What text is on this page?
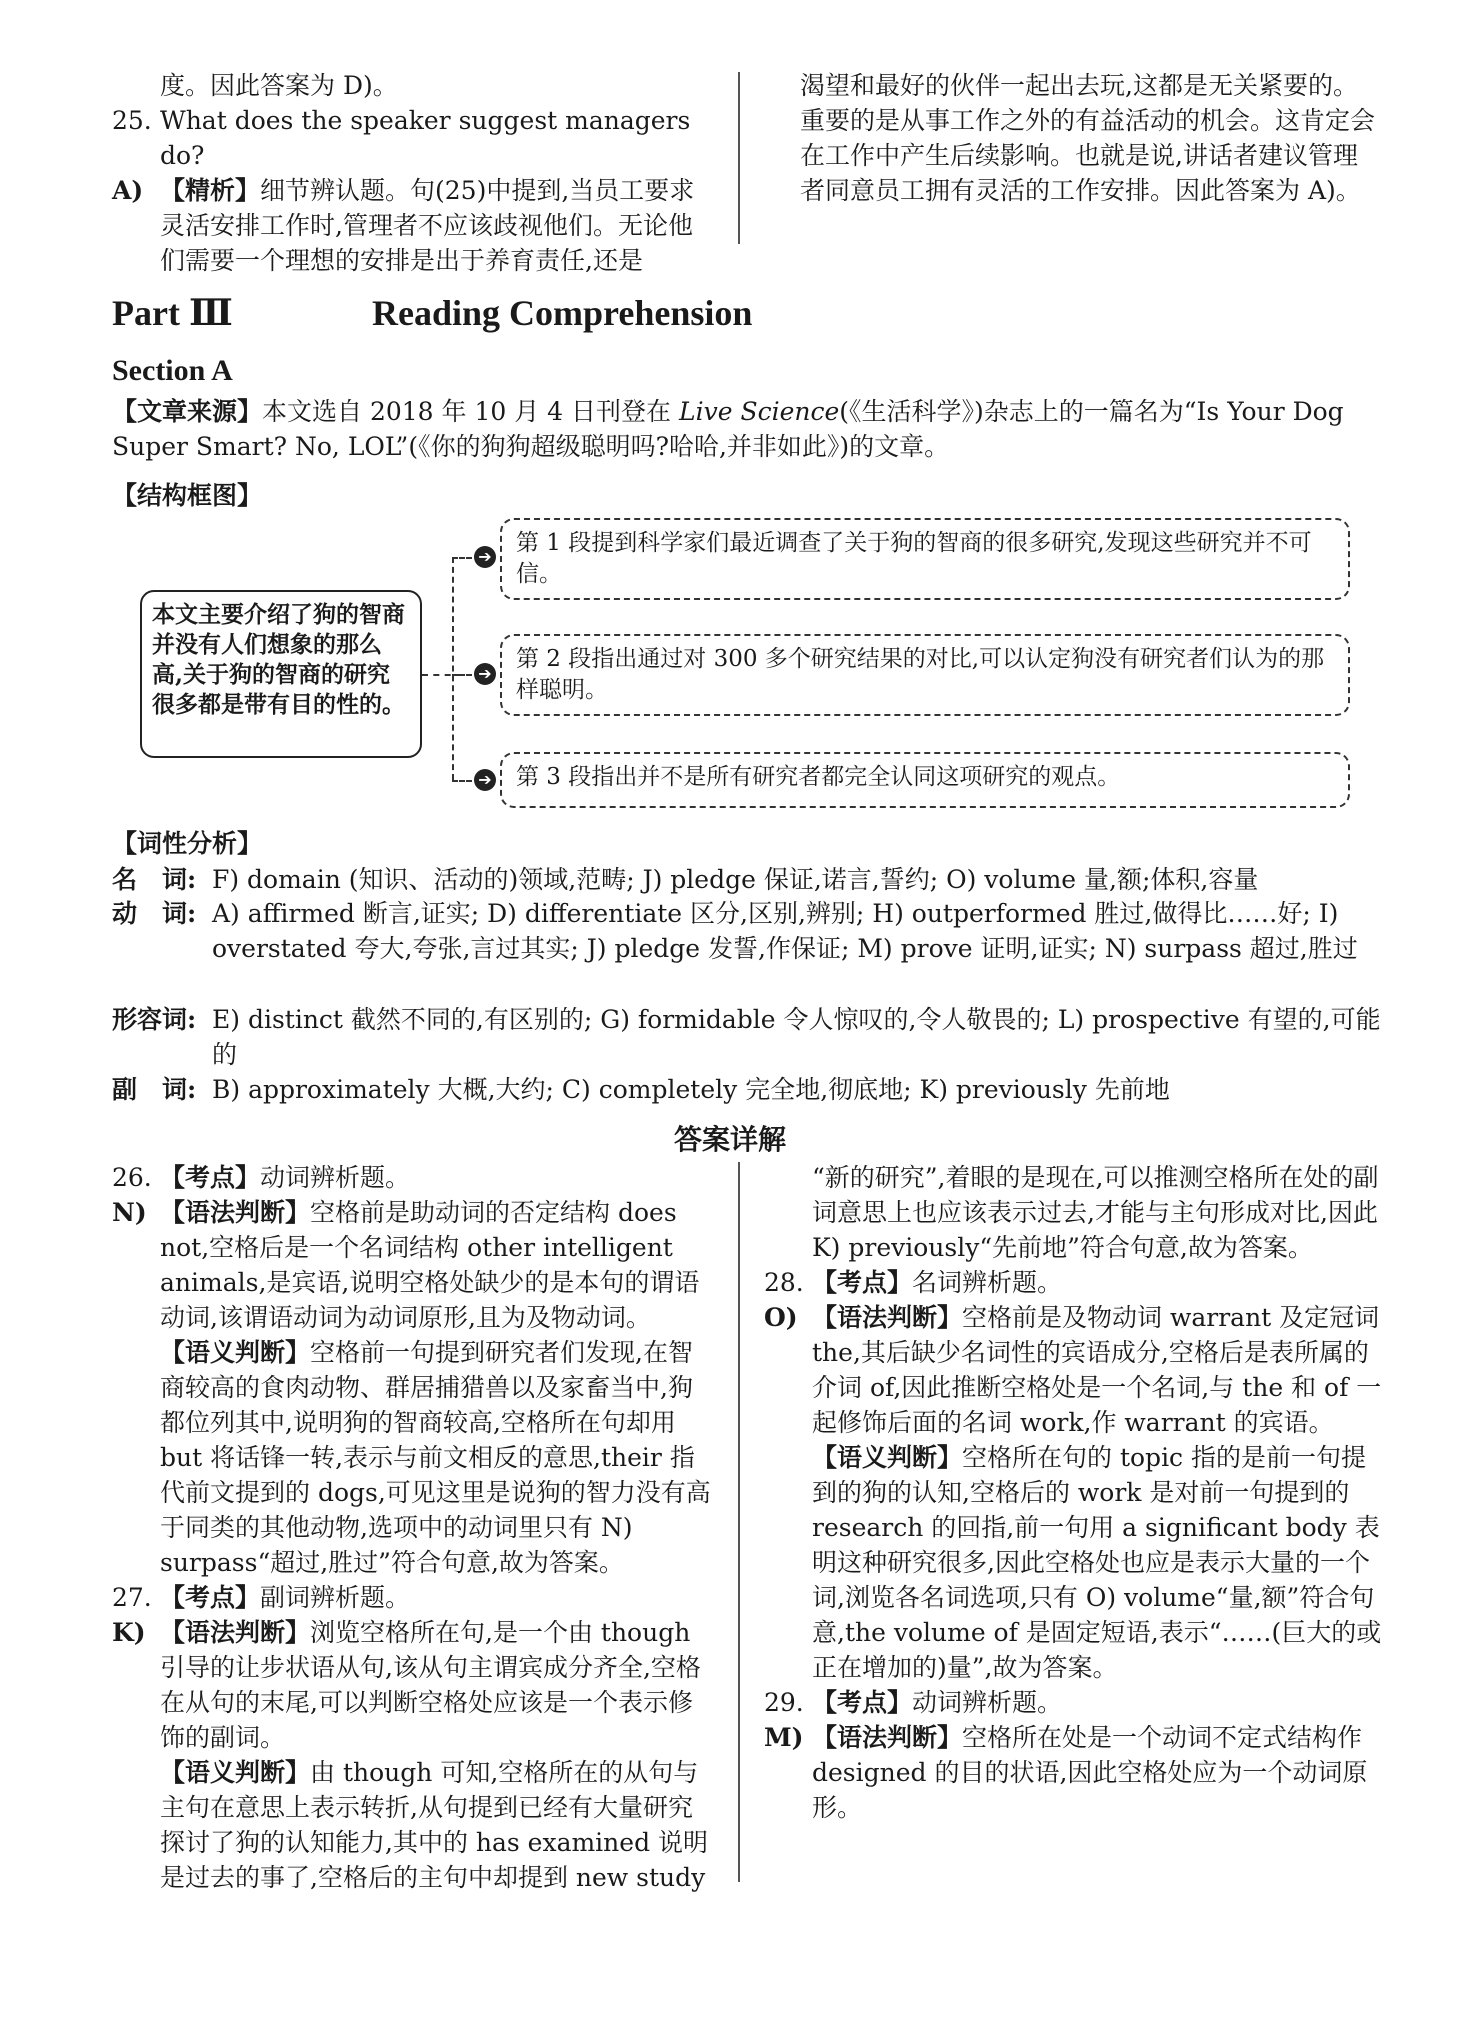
度。因此答案为 D)。

25. What does the speaker suggest managers do?

A) 【精析】细节辨认题。句(25)中提到,当员工要求灵活安排工作时,管理者不应该歧视他们。无论他们需要一个理想的安排是出于养育责任,还是

渴望和最好的伙伴一起出去玩,这都是无关紧要的。重要的是从事工作之外的有益活动的机会。这肯定会在工作中产生后续影响。也就是说,讲话者建议管理者同意员工拥有灵活的工作安排。因此答案为 A)。

Part Ⅲ	Reading Comprehension
Section A
【文章来源】本文选自 2018 年 10 月 4 日刊登在 Live Science(《生活科学》)杂志上的一篇名为“Is Your Dog Super Smart? No, LOL”(《你的狗狗超级聪明吗?哈哈,并非如此》)的文章。
【结构框图】
本文主要介绍了狗的智商并没有人们想象的那么高,关于狗的智商的研究很多都是带有目的性的。
➔
➔
➔
第 1 段提到科学家们最近调查了关于狗的智商的很多研究,发现这些研究并不可信。
第 2 段指出通过对 300 多个研究结果的对比,可以认定狗没有研究者们认为的那样聪明。
第 3 段指出并不是所有研究者都完全认同这项研究的观点。
【词性分析】
名　词: F) domain (知识、活动的)领域,范畴; J) pledge 保证,诺言,誓约; O) volume 量,额;体积,容量
动　词: A) affirmed 断言,证实; D) differentiate 区分,区别,辨别; H) outperformed 胜过,做得比……好; I) overstated 夸大,夸张,言过其实; J) pledge 发誓,作保证; M) prove 证明,证实; N) surpass 超过,胜过
形容词: E) distinct 截然不同的,有区别的; G) formidable 令人惊叹的,令人敬畏的; L) prospective 有望的,可能的
副　词: B) approximately 大概,大约; C) completely 完全地,彻底地; K) previously 先前地
答案详解

26. 【考点】动词辨析题。

N) 【语法判断】空格前是助动词的否定结构 does not,空格后是一个名词结构 other intelligent animals,是宾语,说明空格处缺少的是本句的谓语动词,该谓语动词为动词原形,且为及物动词。

【语义判断】空格前一句提到研究者们发现,在智商较高的食肉动物、群居捕猎兽以及家畜当中,狗都位列其中,说明狗的智商较高,空格所在句却用 but 将话锋一转,表示与前文相反的意思,their 指代前文提到的 dogs,可见这里是说狗的智力没有高于同类的其他动物,选项中的动词里只有 N) surpass“超过,胜过”符合句意,故为答案。

27. 【考点】副词辨析题。

K) 【语法判断】浏览空格所在句,是一个由 though 引导的让步状语从句,该从句主谓宾成分齐全,空格在从句的末尾,可以判断空格处应该是一个表示修饰的副词。

【语义判断】由 though 可知,空格所在的从句与主句在意思上表示转折,从句提到已经有大量研究探讨了狗的认知能力,其中的 has examined 说明是过去的事了,空格后的主句中却提到 new study

“新的研究”,着眼的是现在,可以推测空格所在处的副词意思上也应该表示过去,才能与主句形成对比,因此 K) previously“先前地”符合句意,故为答案。

28. 【考点】名词辨析题。

O) 【语法判断】空格前是及物动词 warrant 及定冠词 the,其后缺少名词性的宾语成分,空格后是表所属的介词 of,因此推断空格处是一个名词,与 the 和 of 一起修饰后面的名词 work,作 warrant 的宾语。

【语义判断】空格所在句的 topic 指的是前一句提到的狗的认知,空格后的 work 是对前一句提到的 research 的回指,前一句用 a significant body 表明这种研究很多,因此空格处也应是表示大量的一个词,浏览各名词选项,只有 O) volume“量,额”符合句意,the volume of 是固定短语,表示“……(巨大的或正在增加的)量”,故为答案。

29. 【考点】动词辨析题。

M) 【语法判断】空格所在处是一个动词不定式结构作 designed 的目的状语,因此空格处应为一个动词原形。
